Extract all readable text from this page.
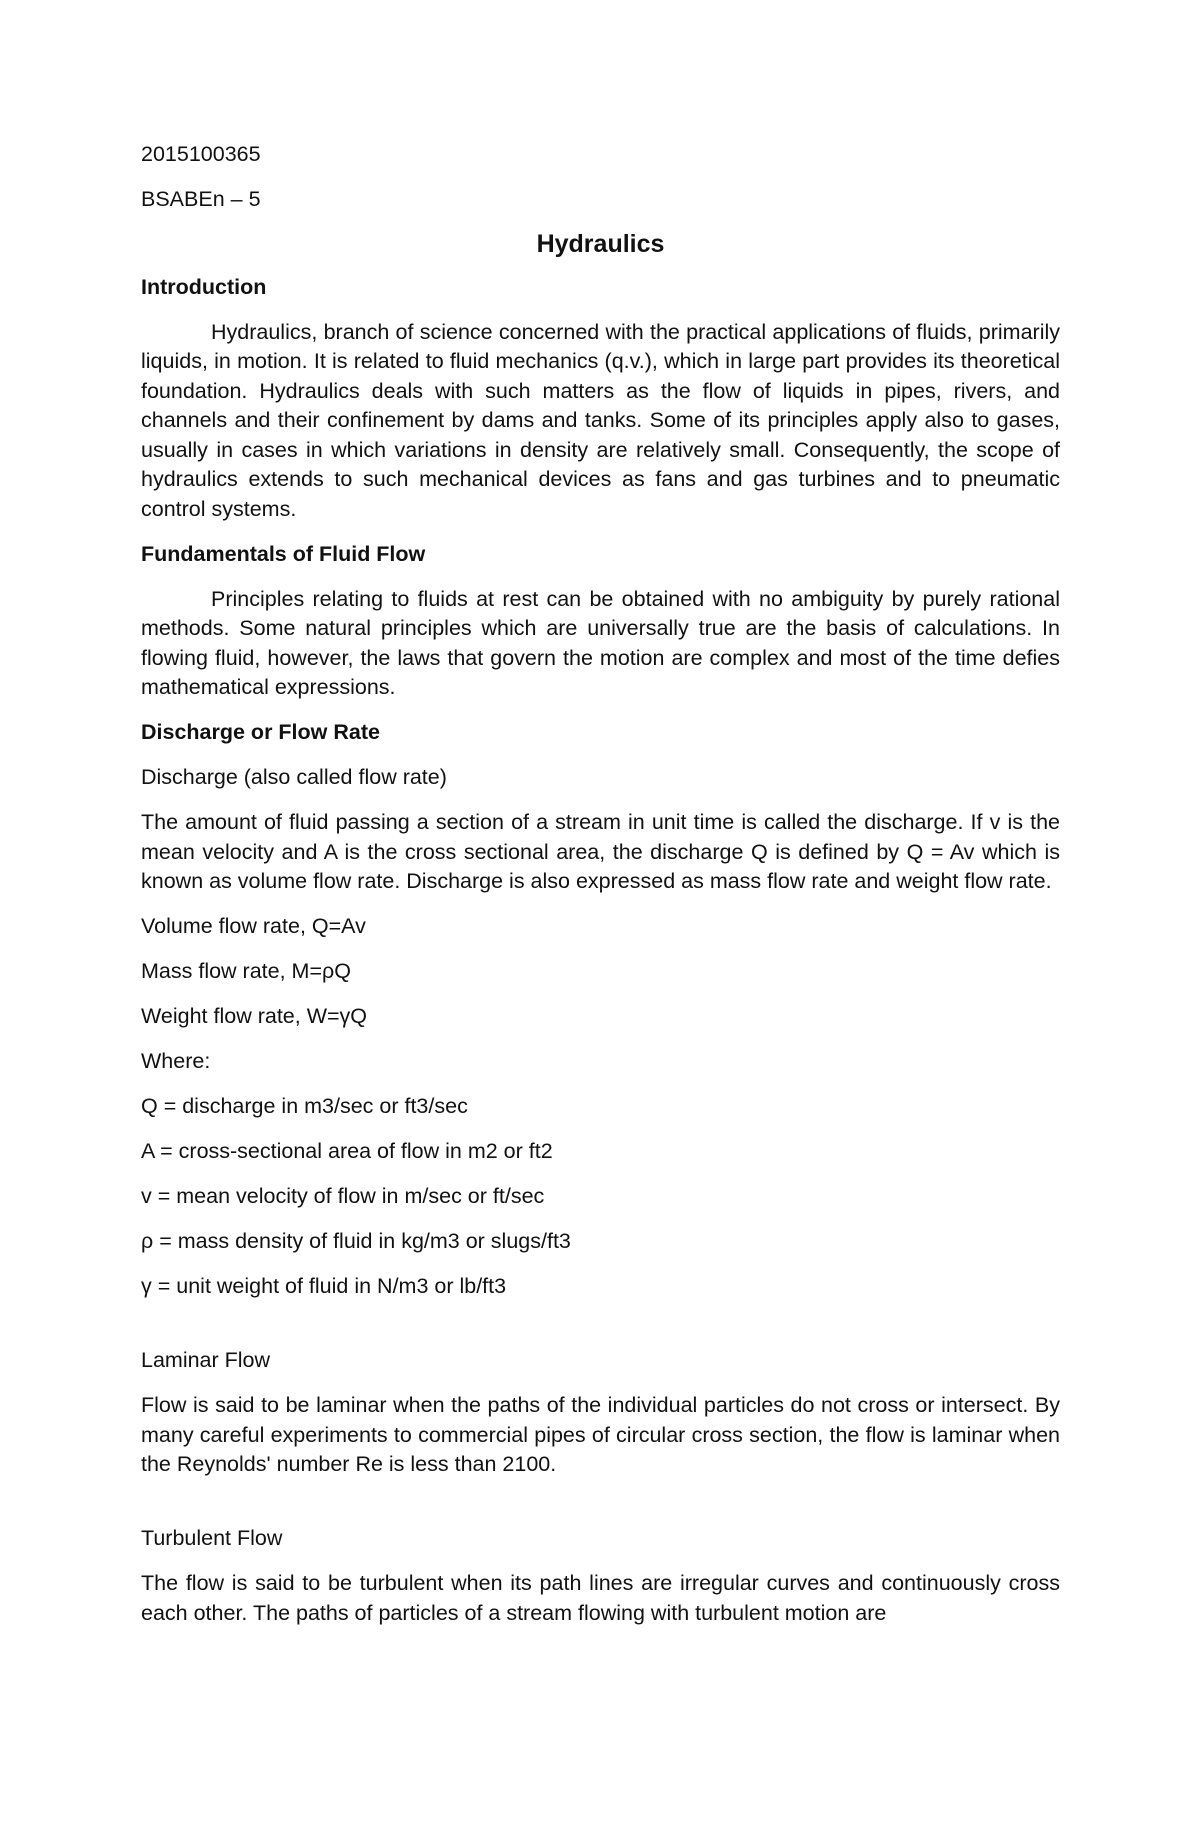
2015100365
BSABEn – 5
Hydraulics
Introduction
Hydraulics, branch of science concerned with the practical applications of fluids, primarily liquids, in motion. It is related to fluid mechanics (q.v.), which in large part provides its theoretical foundation. Hydraulics deals with such matters as the flow of liquids in pipes, rivers, and channels and their confinement by dams and tanks. Some of its principles apply also to gases, usually in cases in which variations in density are relatively small. Consequently, the scope of hydraulics extends to such mechanical devices as fans and gas turbines and to pneumatic control systems.
Fundamentals of Fluid Flow
Principles relating to fluids at rest can be obtained with no ambiguity by purely rational methods. Some natural principles which are universally true are the basis of calculations. In flowing fluid, however, the laws that govern the motion are complex and most of the time defies mathematical expressions.
Discharge or Flow Rate
Discharge (also called flow rate)
The amount of fluid passing a section of a stream in unit time is called the discharge. If v is the mean velocity and A is the cross sectional area, the discharge Q is defined by Q = Av which is known as volume flow rate. Discharge is also expressed as mass flow rate and weight flow rate.
Volume flow rate, Q=Av
Mass flow rate, M=ρQ
Weight flow rate, W=γQ
Where:
Q = discharge in m3/sec or ft3/sec
A = cross-sectional area of flow in m2 or ft2
v = mean velocity of flow in m/sec or ft/sec
ρ = mass density of fluid in kg/m3 or slugs/ft3
γ = unit weight of fluid in N/m3 or lb/ft3
Laminar Flow
Flow is said to be laminar when the paths of the individual particles do not cross or intersect. By many careful experiments to commercial pipes of circular cross section, the flow is laminar when the Reynolds' number Re is less than 2100.
Turbulent Flow
The flow is said to be turbulent when its path lines are irregular curves and continuously cross each other. The paths of particles of a stream flowing with turbulent motion are
